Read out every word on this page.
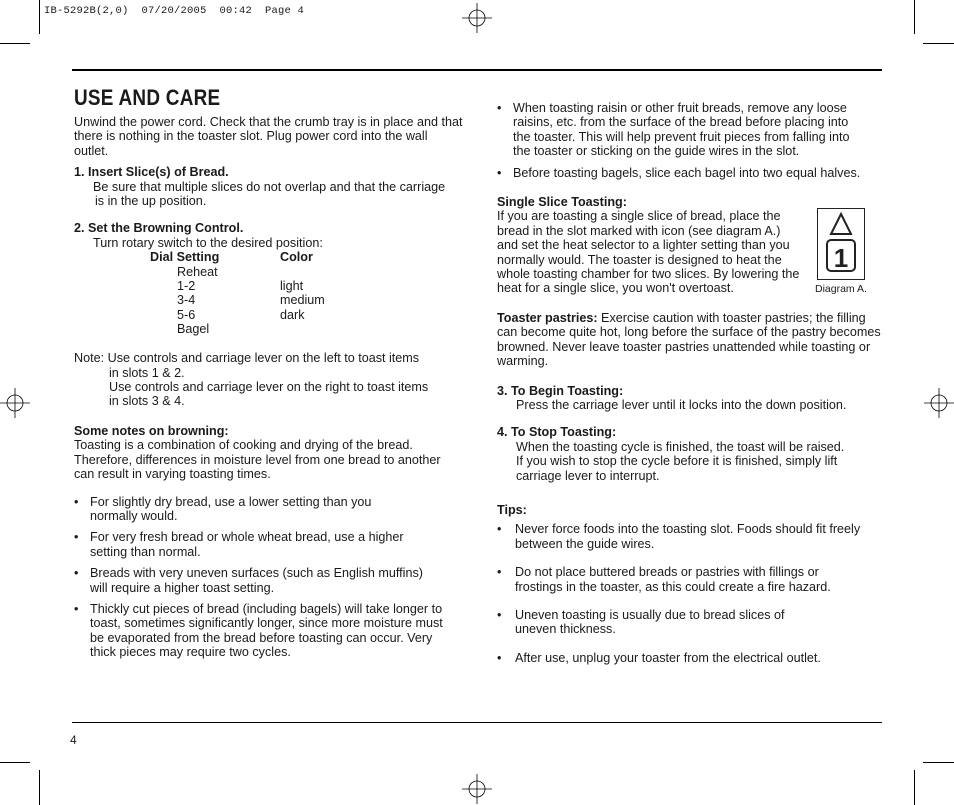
IB-5292B(2,0)  07/20/2005  00:42  Page 4
USE AND CARE

Unwind the power cord. Check that the crumb tray is in place and that there is nothing in the toaster slot. Plug power cord into the wall outlet.

1. Insert Slice(s) of Bread.

Be sure that multiple slices do not overlap and that the carriage

is in the up position.

2. Set the Browning Control.

Turn rotary switch to the desired position:

Dial Setting	Color
Reheat
1-2	light
3-4	medium
5-6	dark
Bagel

Note: Use controls and carriage lever on the left to toast items

in slots 1 & 2.

Use controls and carriage lever on the right to toast items

in slots 3 & 4.

Some notes on browning:

Toasting is a combination of cooking and drying of the bread. Therefore, differences in moisture level from one bread to another can result in varying toasting times.

• For slightly dry bread, use a lower setting than you
normally would.
• For very fresh bread or whole wheat bread, use a higher
setting than normal.
• Breads with very uneven surfaces (such as English muffins)
will require a higher toast setting.
• Thickly cut pieces of bread (including bagels) will take longer to toast, sometimes significantly longer, since more moisture must be evaporated from the bread before toasting can occur. Very thick pieces may require two cycles.
• When toasting raisin or other fruit breads, remove any loose raisins, etc. from the surface of the bread before placing into the toaster. This will help prevent fruit pieces from falling into the toaster or sticking on the guide wires in the slot.
• Before toasting bagels, slice each bagel into two equal halves.

Single Slice Toasting:

If you are toasting a single slice of bread, place the bread in the slot marked with icon (see diagram A.) and set the heat selector to a lighter setting than you normally would. The toaster is designed to heat the whole toasting chamber for two slices. By lowering the heat for a single slice, you won't overtoast.

Toaster pastries: Exercise caution with toaster pastries; the filling can become quite hot, long before the surface of the pastry becomes browned. Never leave toaster pastries unattended while toasting or warming.

3. To Begin Toasting:

Press the carriage lever until it locks into the down position.

4. To Stop Toasting:

When the toasting cycle is finished, the toast will be raised.

If you wish to stop the cycle before it is finished, simply lift

carriage lever to interrupt.

Tips:

•	Never force foods into the toasting slot. Foods should fit freely
between the guide wires.
•	Do not place buttered breads or pastries with fillings or
frostings in the toaster, as this could create a fire hazard.
•	Uneven toasting is usually due to bread slices of
uneven thickness.
•	After use, unplug your toaster from the electrical outlet.
1
Diagram A.
4
